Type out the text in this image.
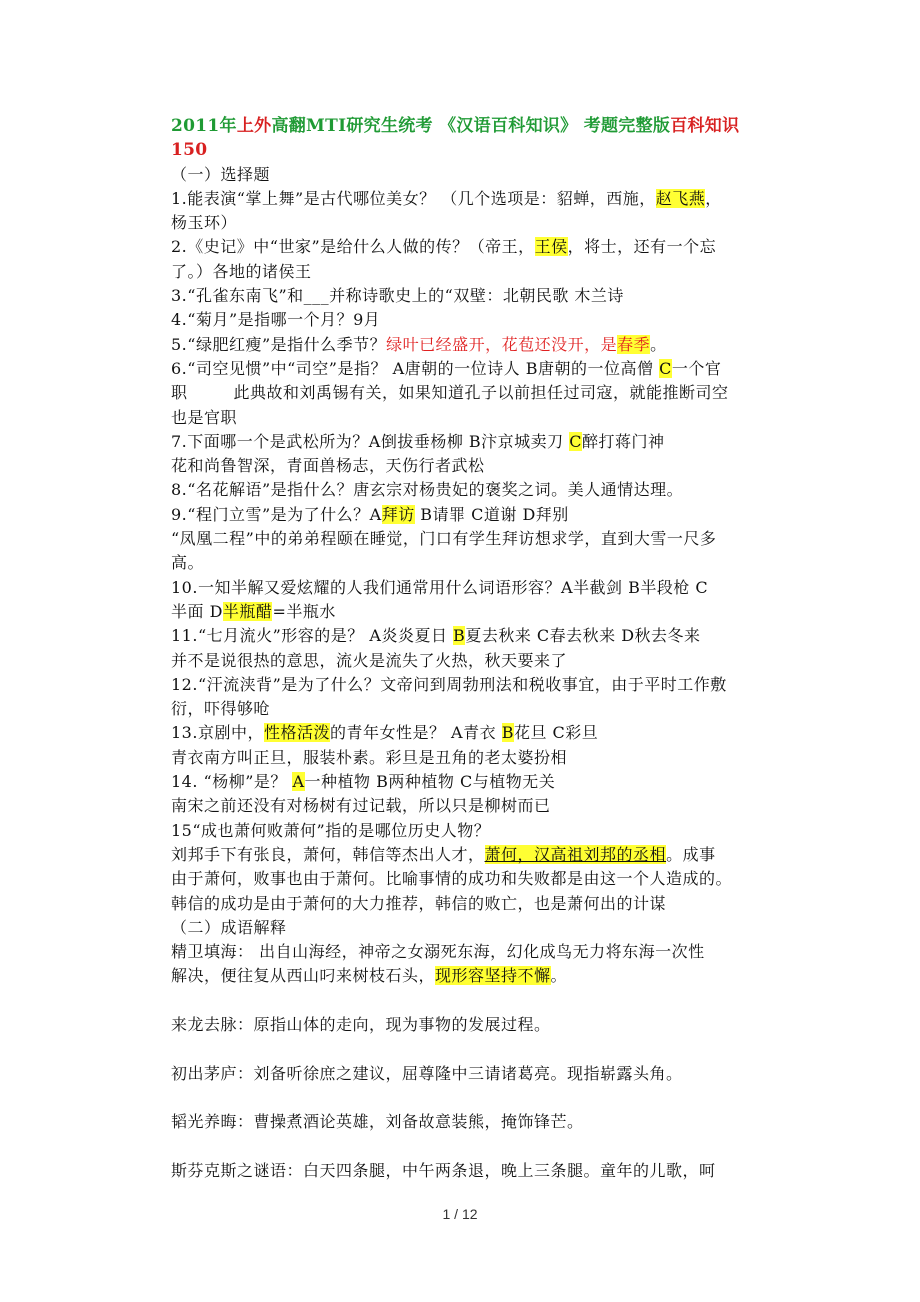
2011年上外高翻MTI研究生统考 《汉语百科知识》 考题完整版百科知识
150
（一）选择题
1.能表演“掌上舞”是古代哪位美女？ （几个选项是：貂蝉，西施，赵飞燕，
杨玉环）
2.《史记》中“世家”是给什么人做的传？（帝王，王侯，将士，还有一个忘
了。）各地的诸侯王
3.“孔雀东南飞”和___并称诗歌史上的“双壁：北朝民歌 木兰诗
4.“菊月”是指哪一个月？9月
5.“绿肥红瘦”是指什么季节？绿叶已经盛开，花苞还没开，是春季。
6.“司空见惯”中“司空”是指？ A唐朝的一位诗人 B唐朝的一位高僧 C一个官
职	此典故和刘禹锡有关，如果知道孔子以前担任过司寇，就能推断司空
也是官职
7.下面哪一个是武松所为？A倒拔垂杨柳 B汴京城卖刀 C醉打蒋门神
花和尚鲁智深，青面兽杨志，天伤行者武松
8.“名花解语”是指什么？唐玄宗对杨贵妃的褒奖之词。美人通情达理。
9.“程门立雪”是为了什么？A拜访 B请罪 C道谢 D拜别
“凤凰二程”中的弟弟程颐在睡觉，门口有学生拜访想求学，直到大雪一尺多
高。
10.一知半解又爱炫耀的人我们通常用什么词语形容？A半截剑 B半段枪 C
半面 D半瓶醋=半瓶水
11.“七月流火”形容的是？ A炎炎夏日 B夏去秋来 C春去秋来 D秋去冬来
并不是说很热的意思，流火是流失了火热，秋天要来了
12.“汗流浃背”是为了什么？文帝问到周勃刑法和税收事宜，由于平时工作敷
衍，吓得够呛
13.京剧中，性格活泼的青年女性是？ A青衣 B花旦 C彩旦
青衣南方叫正旦，服装朴素。彩旦是丑角的老太婆扮相
14. “杨柳”是？ A一种植物 B两种植物 C与植物无关
南宋之前还没有对杨树有过记载，所以只是柳树而已
15“成也萧何败萧何”指的是哪位历史人物？
刘邦手下有张良，萧何，韩信等杰出人才，萧何，汉高祖刘邦的丞相。成事
由于萧何，败事也由于萧何。比喻事情的成功和失败都是由这一个人造成的。
韩信的成功是由于萧何的大力推荐，韩信的败亡，也是萧何出的计谋
（二）成语解释
精卫填海： 出自山海经，神帝之女溺死东海，幻化成鸟无力将东海一次性
解决，便往复从西山叼来树枝石头，现形容坚持不懈。
来龙去脉：原指山体的走向，现为事物的发展过程。
初出茅庐：刘备听徐庶之建议，屈尊隆中三请诸葛亮。现指崭露头角。
韬光养晦：曹操煮酒论英雄，刘备故意装熊，掩饰锋芒。
斯芬克斯之谜语：白天四条腿，中午两条退，晚上三条腿。童年的儿歌，呵
1 / 12
